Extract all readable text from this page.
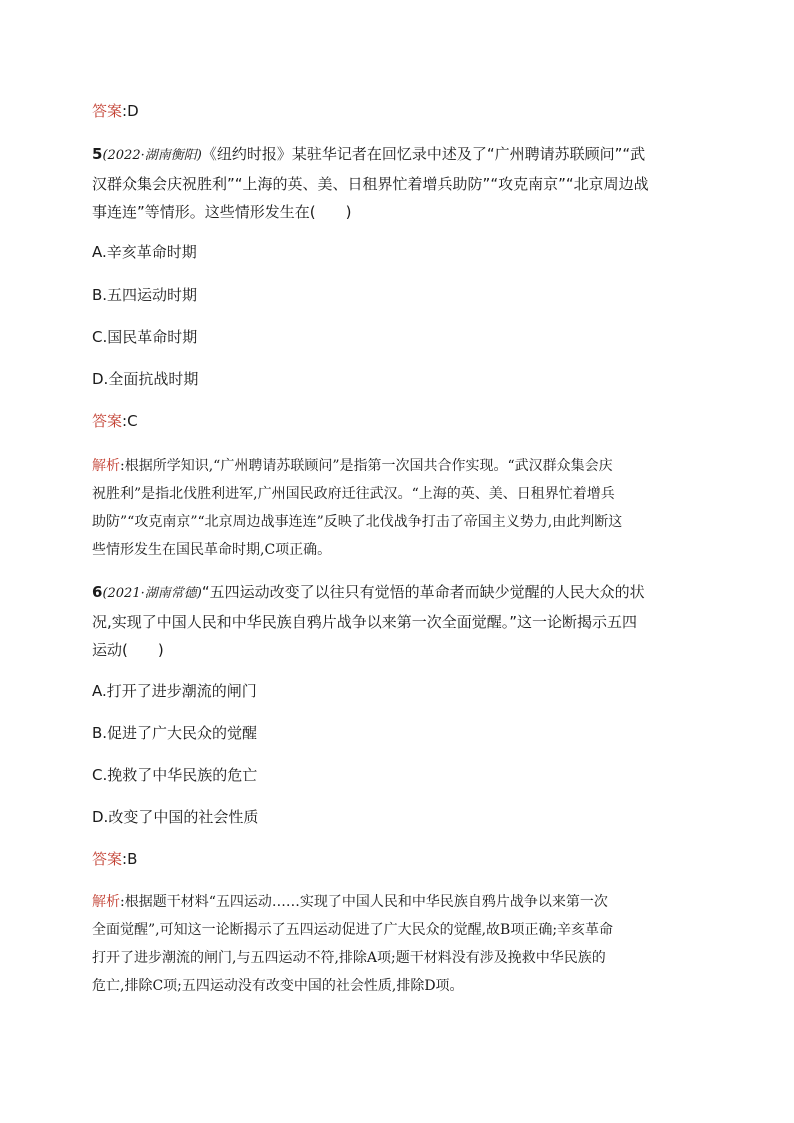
答案:D
5(2022·湖南衡阳)《纽约时报》某驻华记者在回忆录中述及了“广州聘请苏联顾问”“武
汉群众集会庆祝胜利”“上海的英、美、日租界忙着增兵助防”“攻克南京”“北京周边战
事连连”等情形。这些情形发生在(　　)
A.辛亥革命时期
B.五四运动时期
C.国民革命时期
D.全面抗战时期
答案:C
解析:根据所学知识,“广州聘请苏联顾问”是指第一次国共合作实现。“武汉群众集会庆
祝胜利”是指北伐胜利进军,广州国民政府迁往武汉。“上海的英、美、日租界忙着增兵
助防”“攻克南京”“北京周边战事连连”反映了北伐战争打击了帝国主义势力,由此判断这
些情形发生在国民革命时期,C项正确。
6(2021·湖南常德)“五四运动改变了以往只有觉悟的革命者而缺少觉醒的人民大众的状
况,实现了中国人民和中华民族自鸦片战争以来第一次全面觉醒。”这一论断揭示五四
运动(　　)
A.打开了进步潮流的闸门
B.促进了广大民众的觉醒
C.挽救了中华民族的危亡
D.改变了中国的社会性质
答案:B
解析:根据题干材料“五四运动……实现了中国人民和中华民族自鸦片战争以来第一次
全面觉醒”,可知这一论断揭示了五四运动促进了广大民众的觉醒,故B项正确;辛亥革命
打开了进步潮流的闸门,与五四运动不符,排除A项;题干材料没有涉及挽救中华民族的
危亡,排除C项;五四运动没有改变中国的社会性质,排除D项。
